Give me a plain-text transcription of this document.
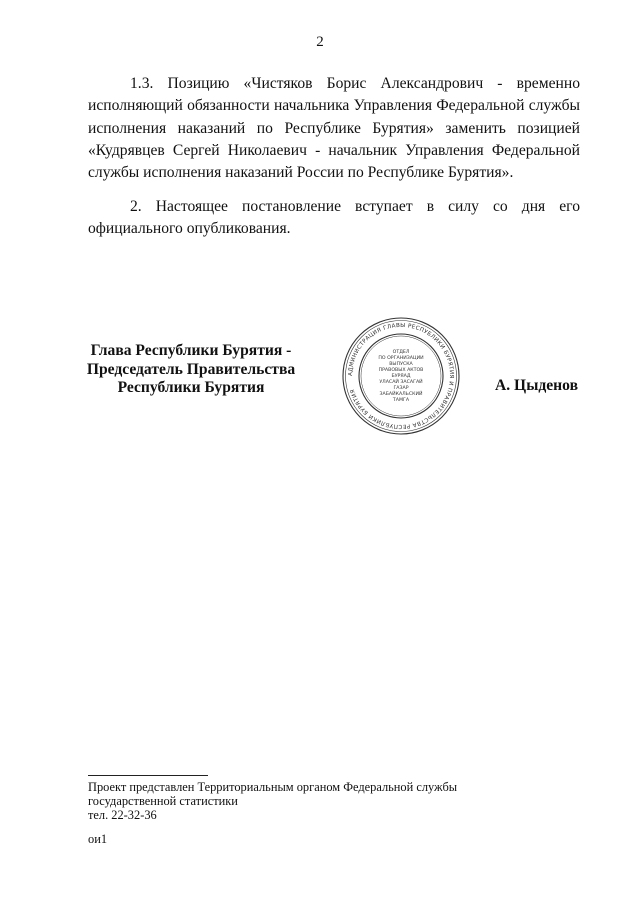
2

1.3. Позицию «Чистяков Борис Александрович - временно исполняющий обязанности начальника Управления Федеральной службы исполнения наказаний по Республике Бурятия» заменить позицией «Кудрявцев Сергей Николаевич - начальник Управления Федеральной службы исполнения наказаний России по Республике Бурятия».

2. Настоящее постановление вступает в силу со дня его официального опубликования.

Глава Республики Бурятия -
Председатель Правительства
Республики Бурятия
АДМИНИСТРАЦИЯ ГЛАВЫ РЕСПУБЛИКИ БУРЯТИЯ И ПРАВИТЕЛЬСТВА РЕСПУБЛИКИ БУРЯТИЯ
ОТДЕЛ
ПО ОРГАНИЗАЦИИ
ВЫПУСКА
ПРАВОВЫХ АКТОВ
БУРЯАД
УЛАСАЙ ЗАСАГАЙ
ГАЗАР
ЗАБАЙКАЛЬСКИЙ
ТАМГА
А. Цыденов
Проект представлен Территориальным органом Федеральной службы
государственной статистики
тел. 22-32-36
ои1
